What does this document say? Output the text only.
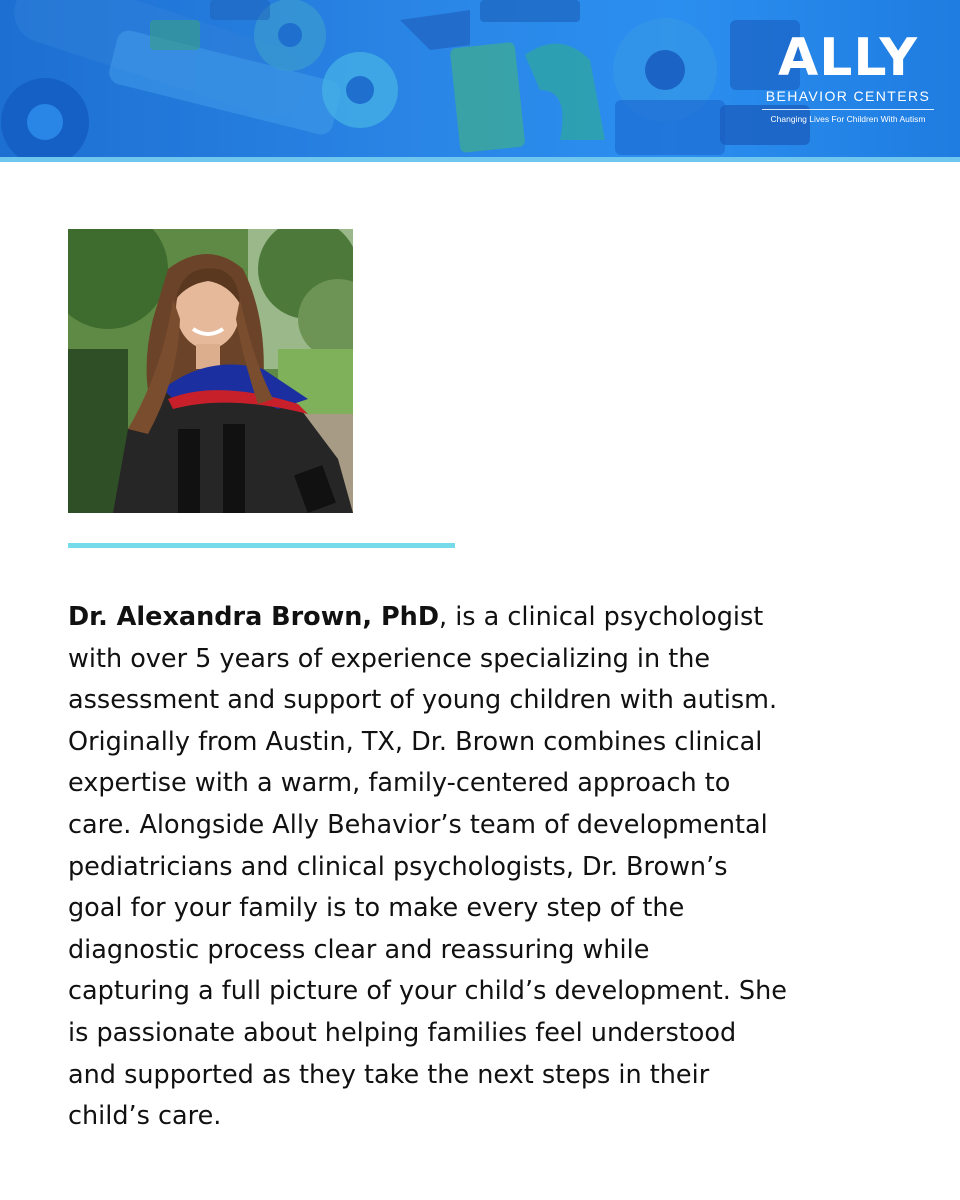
ALLY
BEHAVIOR CENTERS
Changing Lives For Children With Autism

Dr. Alexandra Brown, PhD, is a clinical psychologist
with over 5 years of experience specializing in the
assessment and support of young children with autism.
Originally from Austin, TX, Dr. Brown combines clinical
expertise with a warm, family-centered approach to
care. Alongside Ally Behavior’s team of developmental
pediatricians and clinical psychologists, Dr. Brown’s
goal for your family is to make every step of the
diagnostic process clear and reassuring while
capturing a full picture of your child’s development. She
is passionate about helping families feel understood
and supported as they take the next steps in their
child’s care.
